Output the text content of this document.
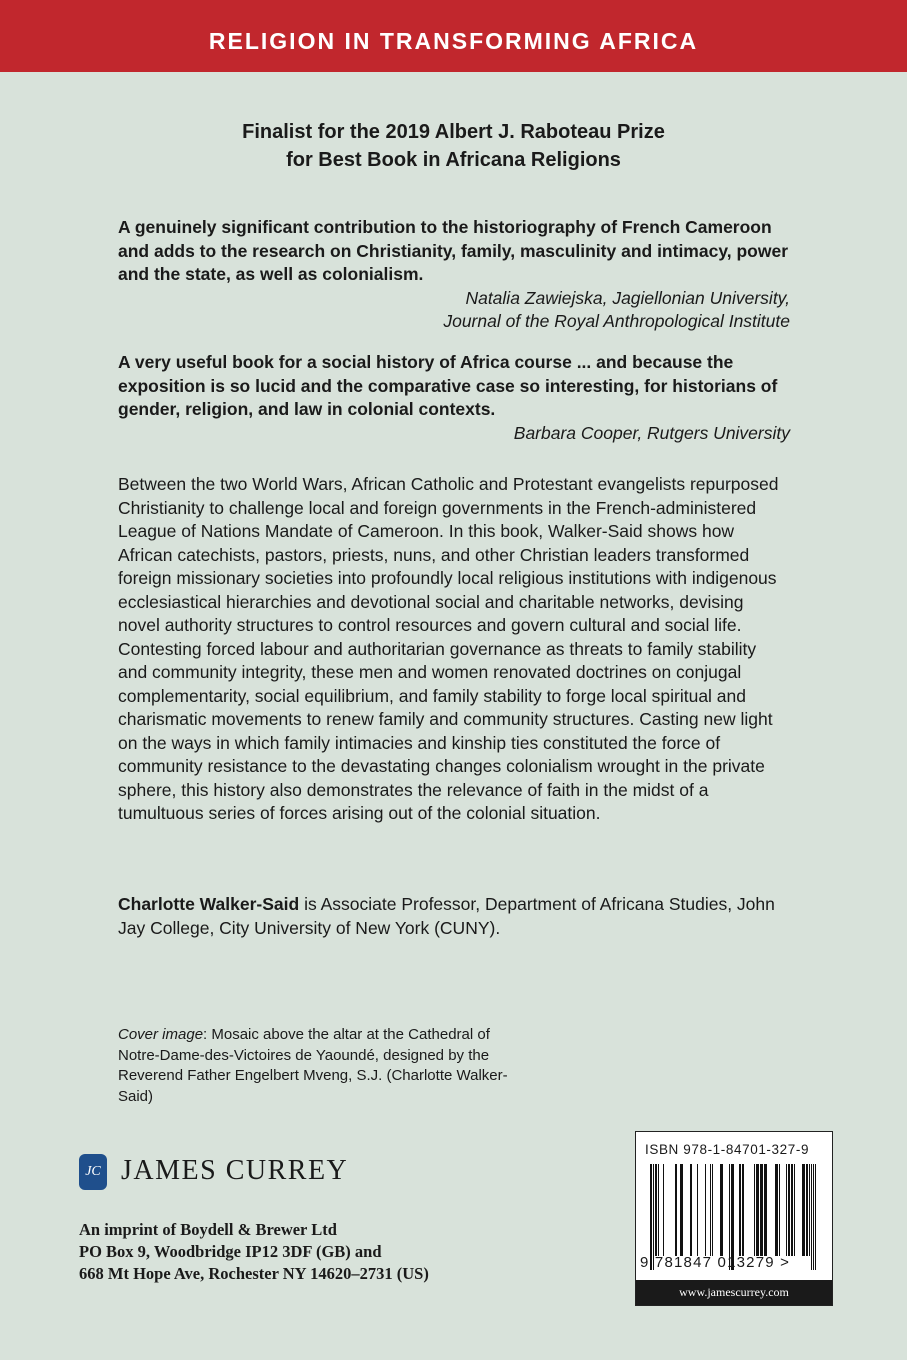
RELIGION IN TRANSFORMING AFRICA
Finalist for the 2019 Albert J. Raboteau Prize
for Best Book in Africana Religions
A genuinely significant contribution to the historiography of French Cameroon and adds to the research on Christianity, family, masculinity and intimacy, power and the state, as well as colonialism.
Natalia Zawiejska, Jagiellonian University,
Journal of the Royal Anthropological Institute
A very useful book for a social history of Africa course ... and because the exposition is so lucid and the comparative case so interesting, for historians of gender, religion, and law in colonial contexts.
Barbara Cooper, Rutgers University
Between the two World Wars, African Catholic and Protestant evangelists repurposed Christianity to challenge local and foreign governments in the French-administered League of Nations Mandate of Cameroon. In this book, Walker-Said shows how African catechists, pastors, priests, nuns, and other Christian leaders transformed foreign missionary societies into profoundly local religious institutions with indigenous ecclesiastical hierarchies and devotional social and charitable networks, devising novel authority structures to control resources and govern cultural and social life. Contesting forced labour and authoritarian governance as threats to family stability and community integrity, these men and women renovated doctrines on conjugal complementarity, social equilibrium, and family stability to forge local spiritual and charismatic movements to renew family and community structures. Casting new light on the ways in which family intimacies and kinship ties constituted the force of community resistance to the devastating changes colonialism wrought in the private sphere, this history also demonstrates the relevance of faith in the midst of a tumultuous series of forces arising out of the colonial situation.
Charlotte Walker-Said is Associate Professor, Department of Africana Studies, John Jay College, City University of New York (CUNY).
Cover image: Mosaic above the altar at the Cathedral of Notre-Dame-des-Victoires de Yaoundé, designed by the Reverend Father Engelbert Mveng, S.J. (Charlotte Walker-Said)
JC JAMES CURREY
An imprint of Boydell & Brewer Ltd
PO Box 9, Woodbridge IP12 3DF (GB) and
668 Mt Hope Ave, Rochester NY 14620–2731 (US)
ISBN 978-1-84701-327-9
9 781847 013279 >
www.jamescurrey.com
